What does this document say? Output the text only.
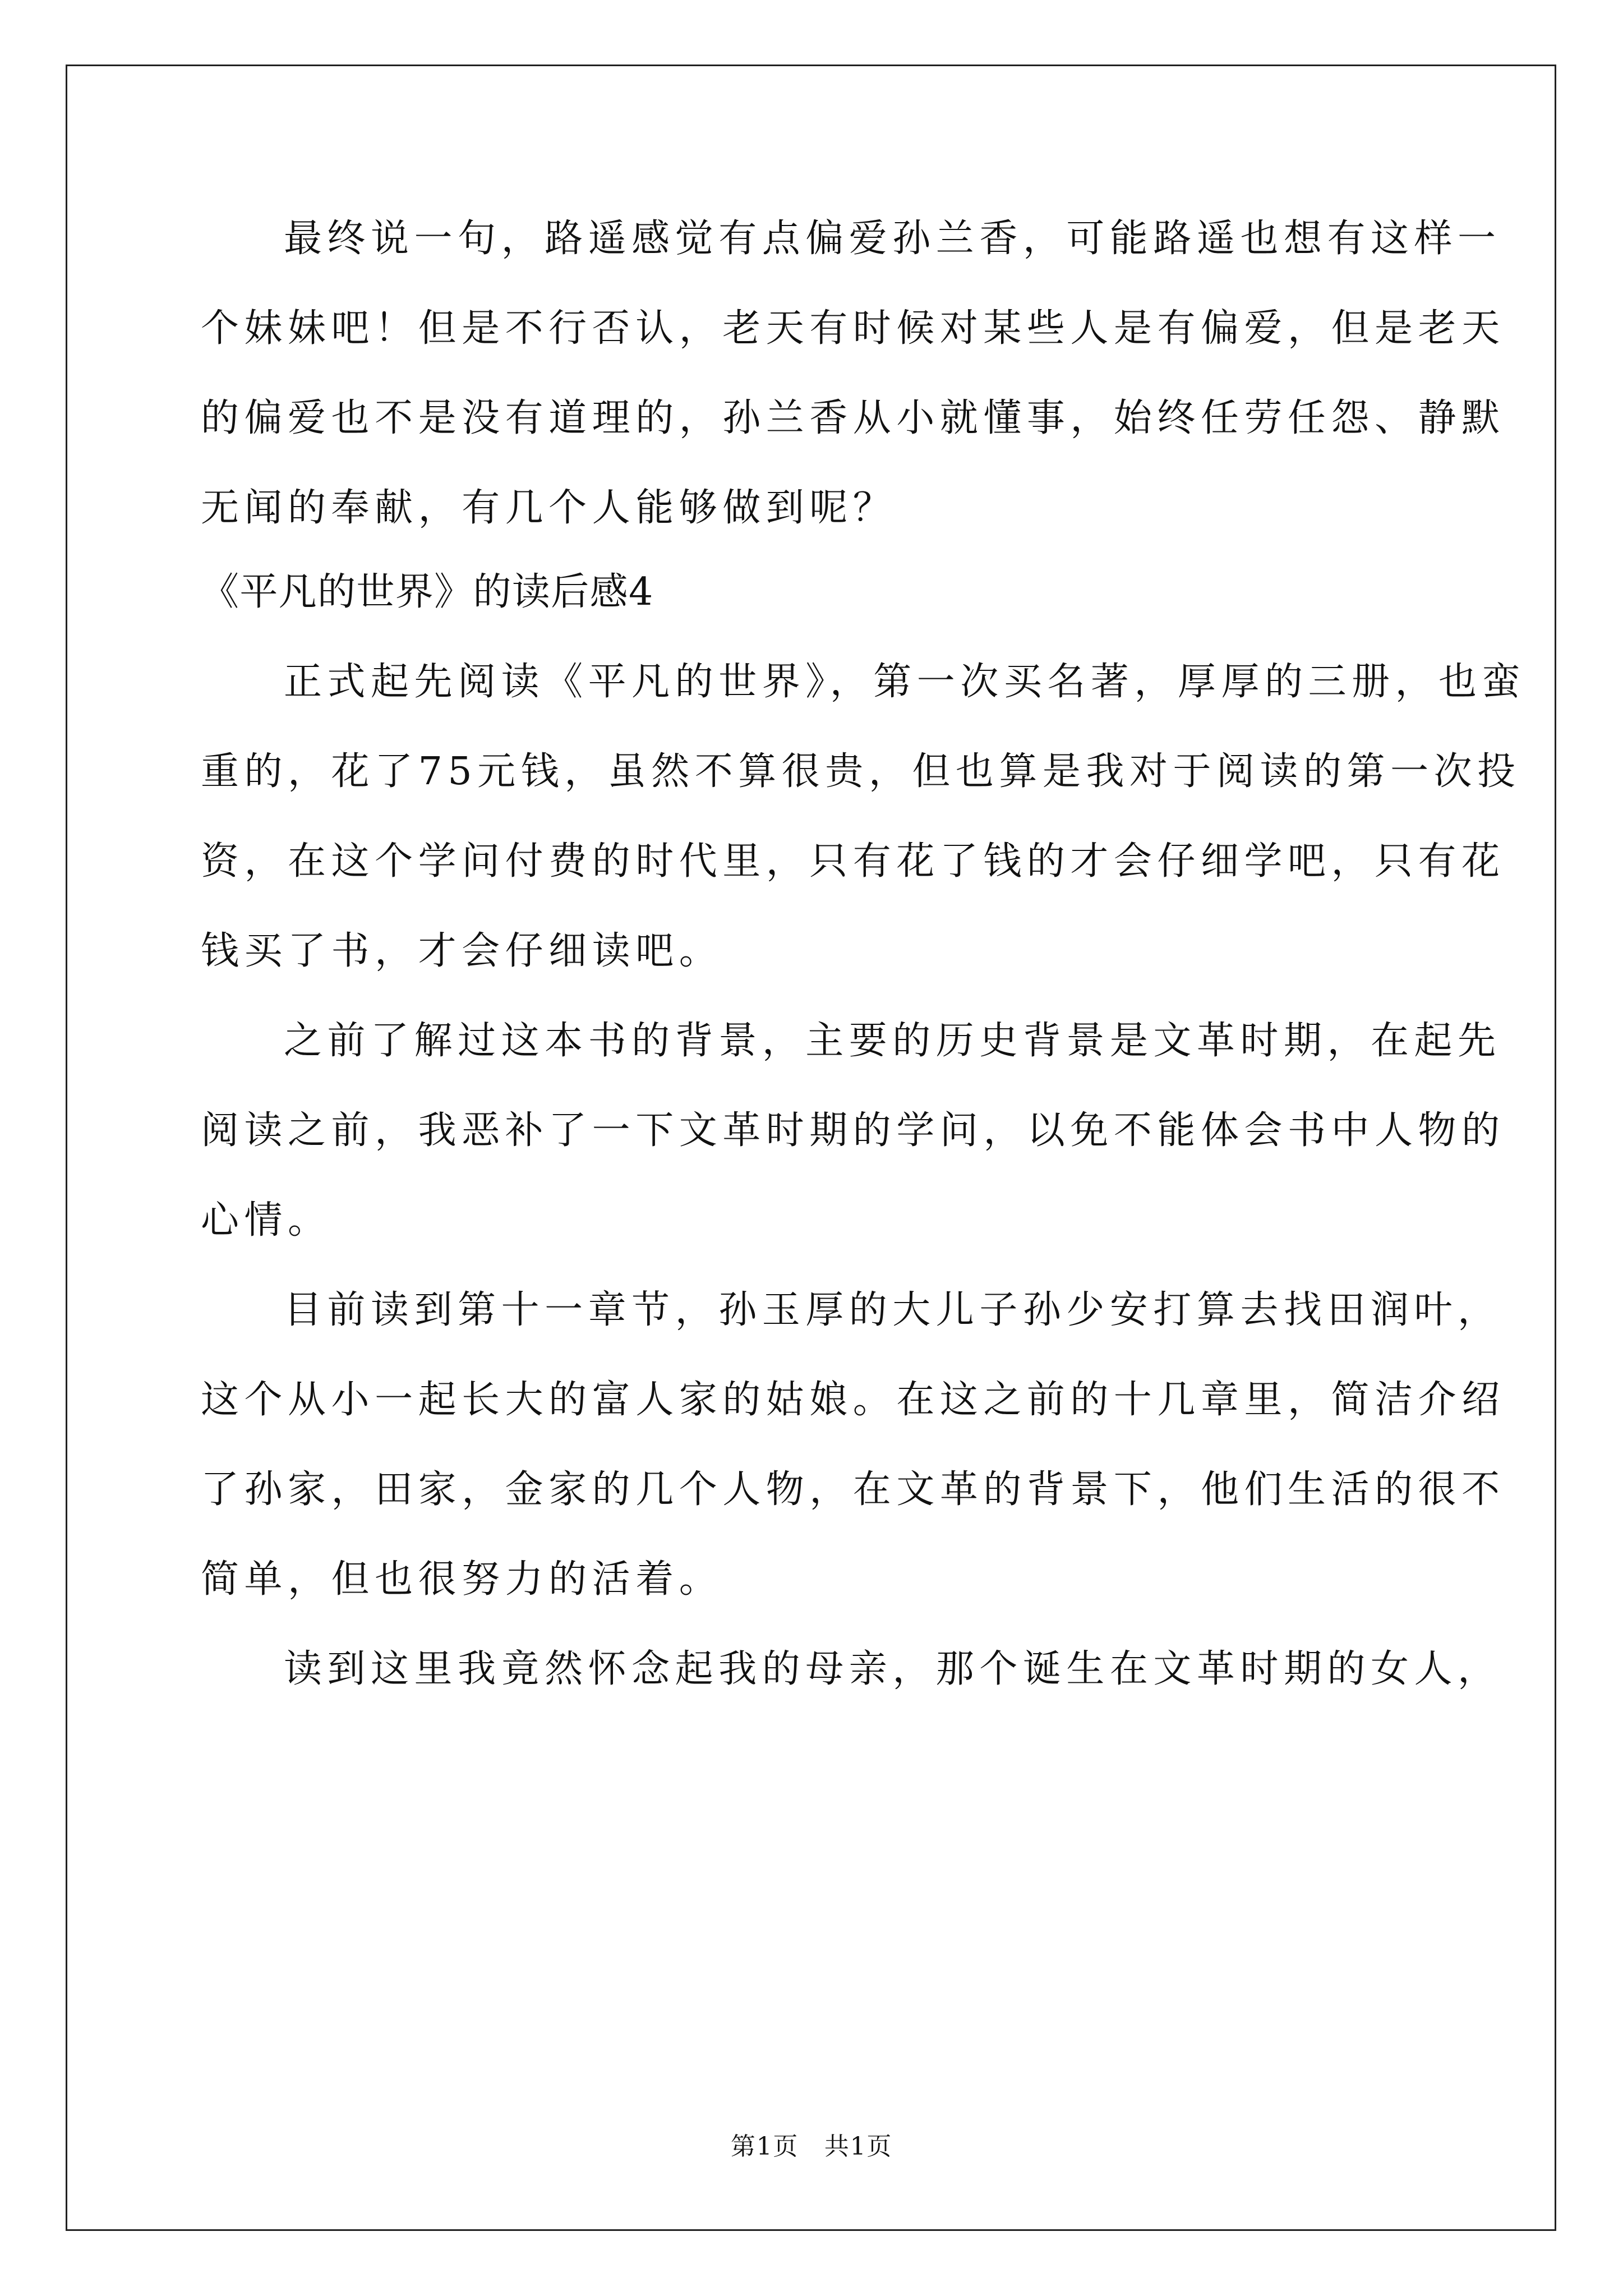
最终说一句，路遥感觉有点偏爱孙兰香，可能路遥也想有这样一
个妹妹吧！但是不行否认，老天有时候对某些人是有偏爱，但是老天
的偏爱也不是没有道理的，孙兰香从小就懂事，始终任劳任怨、静默
无闻的奉献，有几个人能够做到呢？
《平凡的世界》的读后感4
正式起先阅读《平凡的世界》，第一次买名著，厚厚的三册，也蛮
重的，花了75元钱，虽然不算很贵，但也算是我对于阅读的第一次投
资，在这个学问付费的时代里，只有花了钱的才会仔细学吧，只有花
钱买了书，才会仔细读吧。
之前了解过这本书的背景，主要的历史背景是文革时期，在起先
阅读之前，我恶补了一下文革时期的学问，以免不能体会书中人物的
心情。
目前读到第十一章节，孙玉厚的大儿子孙少安打算去找田润叶，
这个从小一起长大的富人家的姑娘。在这之前的十几章里，简洁介绍
了孙家，田家，金家的几个人物，在文革的背景下，他们生活的很不
简单，但也很努力的活着。
读到这里我竟然怀念起我的母亲，那个诞生在文革时期的女人，
第1页　共1页
